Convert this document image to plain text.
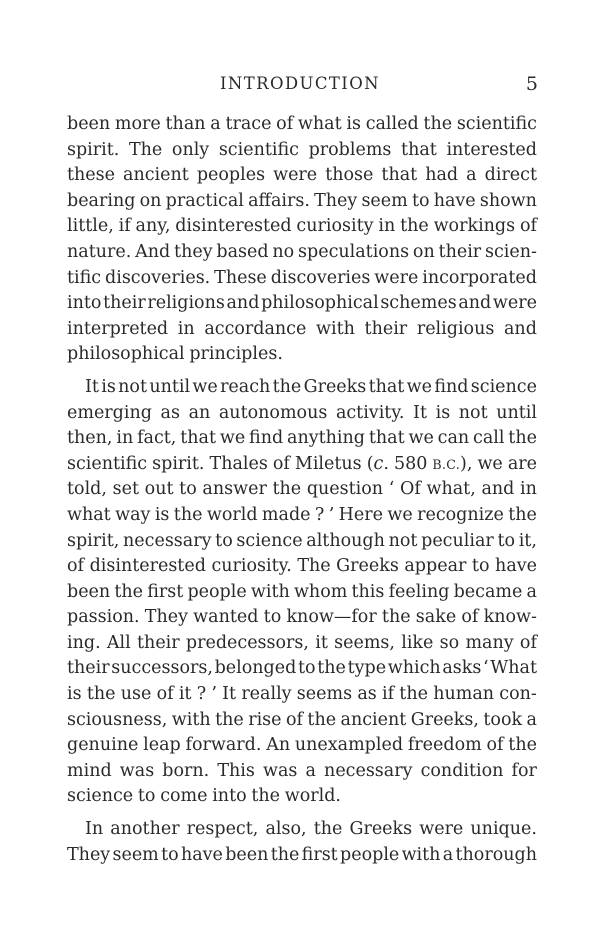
INTRODUCTION	5
been more than a trace of what is called the scientific
spirit. The only scientific problems that interested
these ancient peoples were those that had a direct
bearing on practical affairs. They seem to have shown
little, if any, disinterested curiosity in the workings of
nature. And they based no speculations on their scien-
tific discoveries. These discoveries were incorporated
into their religions and philosophical schemes and were
interpreted in accordance with their religious and
philosophical principles.
It is not until we reach the Greeks that we find science
emerging as an autonomous activity. It is not until
then, in fact, that we find anything that we can call the
scientific spirit. Thales of Miletus (c. 580 B.C.), we are
told, set out to answer the question ‘ Of what, and in
what way is the world made ? ’ Here we recognize the
spirit, necessary to science although not peculiar to it,
of disinterested curiosity. The Greeks appear to have
been the first people with whom this feeling became a
passion. They wanted to know—for the sake of know-
ing. All their predecessors, it seems, like so many of
their successors, belonged to the type which asks ‘ What
is the use of it ? ’ It really seems as if the human con-
sciousness, with the rise of the ancient Greeks, took a
genuine leap forward. An unexampled freedom of the
mind was born. This was a necessary condition for
science to come into the world.
In another respect, also, the Greeks were unique.
They seem to have been the first people with a thorough
